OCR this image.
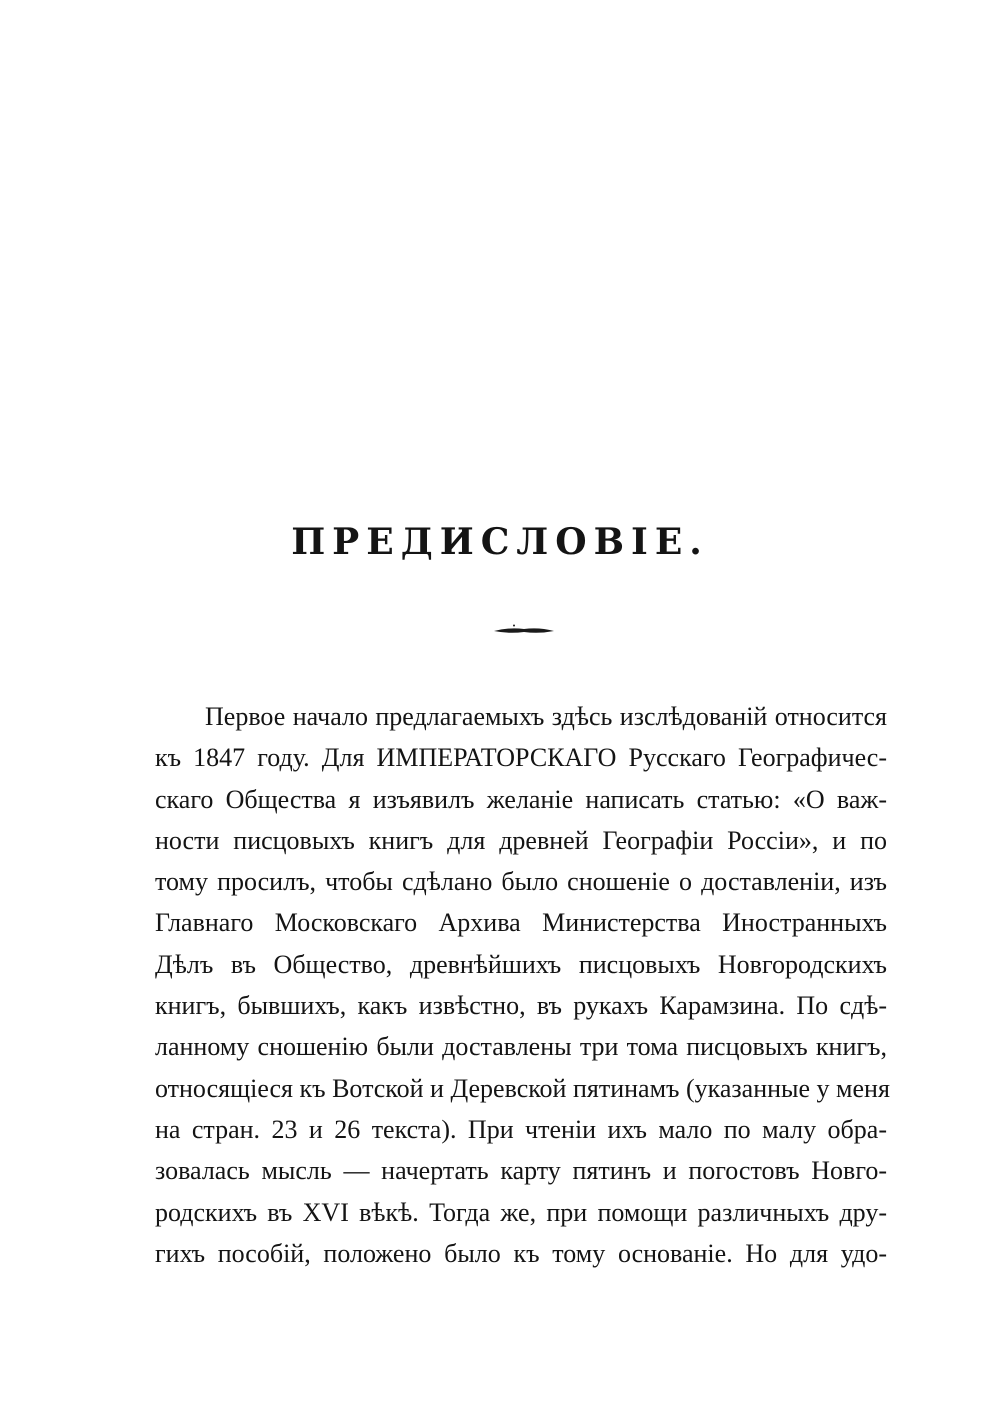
ПРЕДИСЛОВІЕ.
Первое начало предлагаемыхъ здѣсь изслѣдованій относится
къ 1847 году. Для ИМПЕРАТОРСКАГО Русскаго Географичес-
скаго Общества я изъявилъ желаніе написать статью: «О важ-
ности писцовыхъ книгъ для древней Географіи Россіи», и по
тому просилъ, чтобы сдѣлано было сношеніе о доставленіи, изъ
Главнаго Московскаго Архива Министерства Иностранныхъ
Дѣлъ въ Общество, древнѣйшихъ писцовыхъ Новгородскихъ
книгъ, бывшихъ, какъ извѣстно, въ рукахъ Карамзина. По сдѣ-
ланному сношенію были доставлены три тома писцовыхъ книгъ,
относящіеся къ Вотской и Деревской пятинамъ (указанные у меня
на стран. 23 и 26 текста). При чтеніи ихъ мало по малу обра-
зовалась мысль — начертать карту пятинъ и погостовъ Новго-
родскихъ въ XVI вѣкѣ. Тогда же, при помощи различныхъ дру-
гихъ пособій, положено было къ тому основаніе. Но для удо-
